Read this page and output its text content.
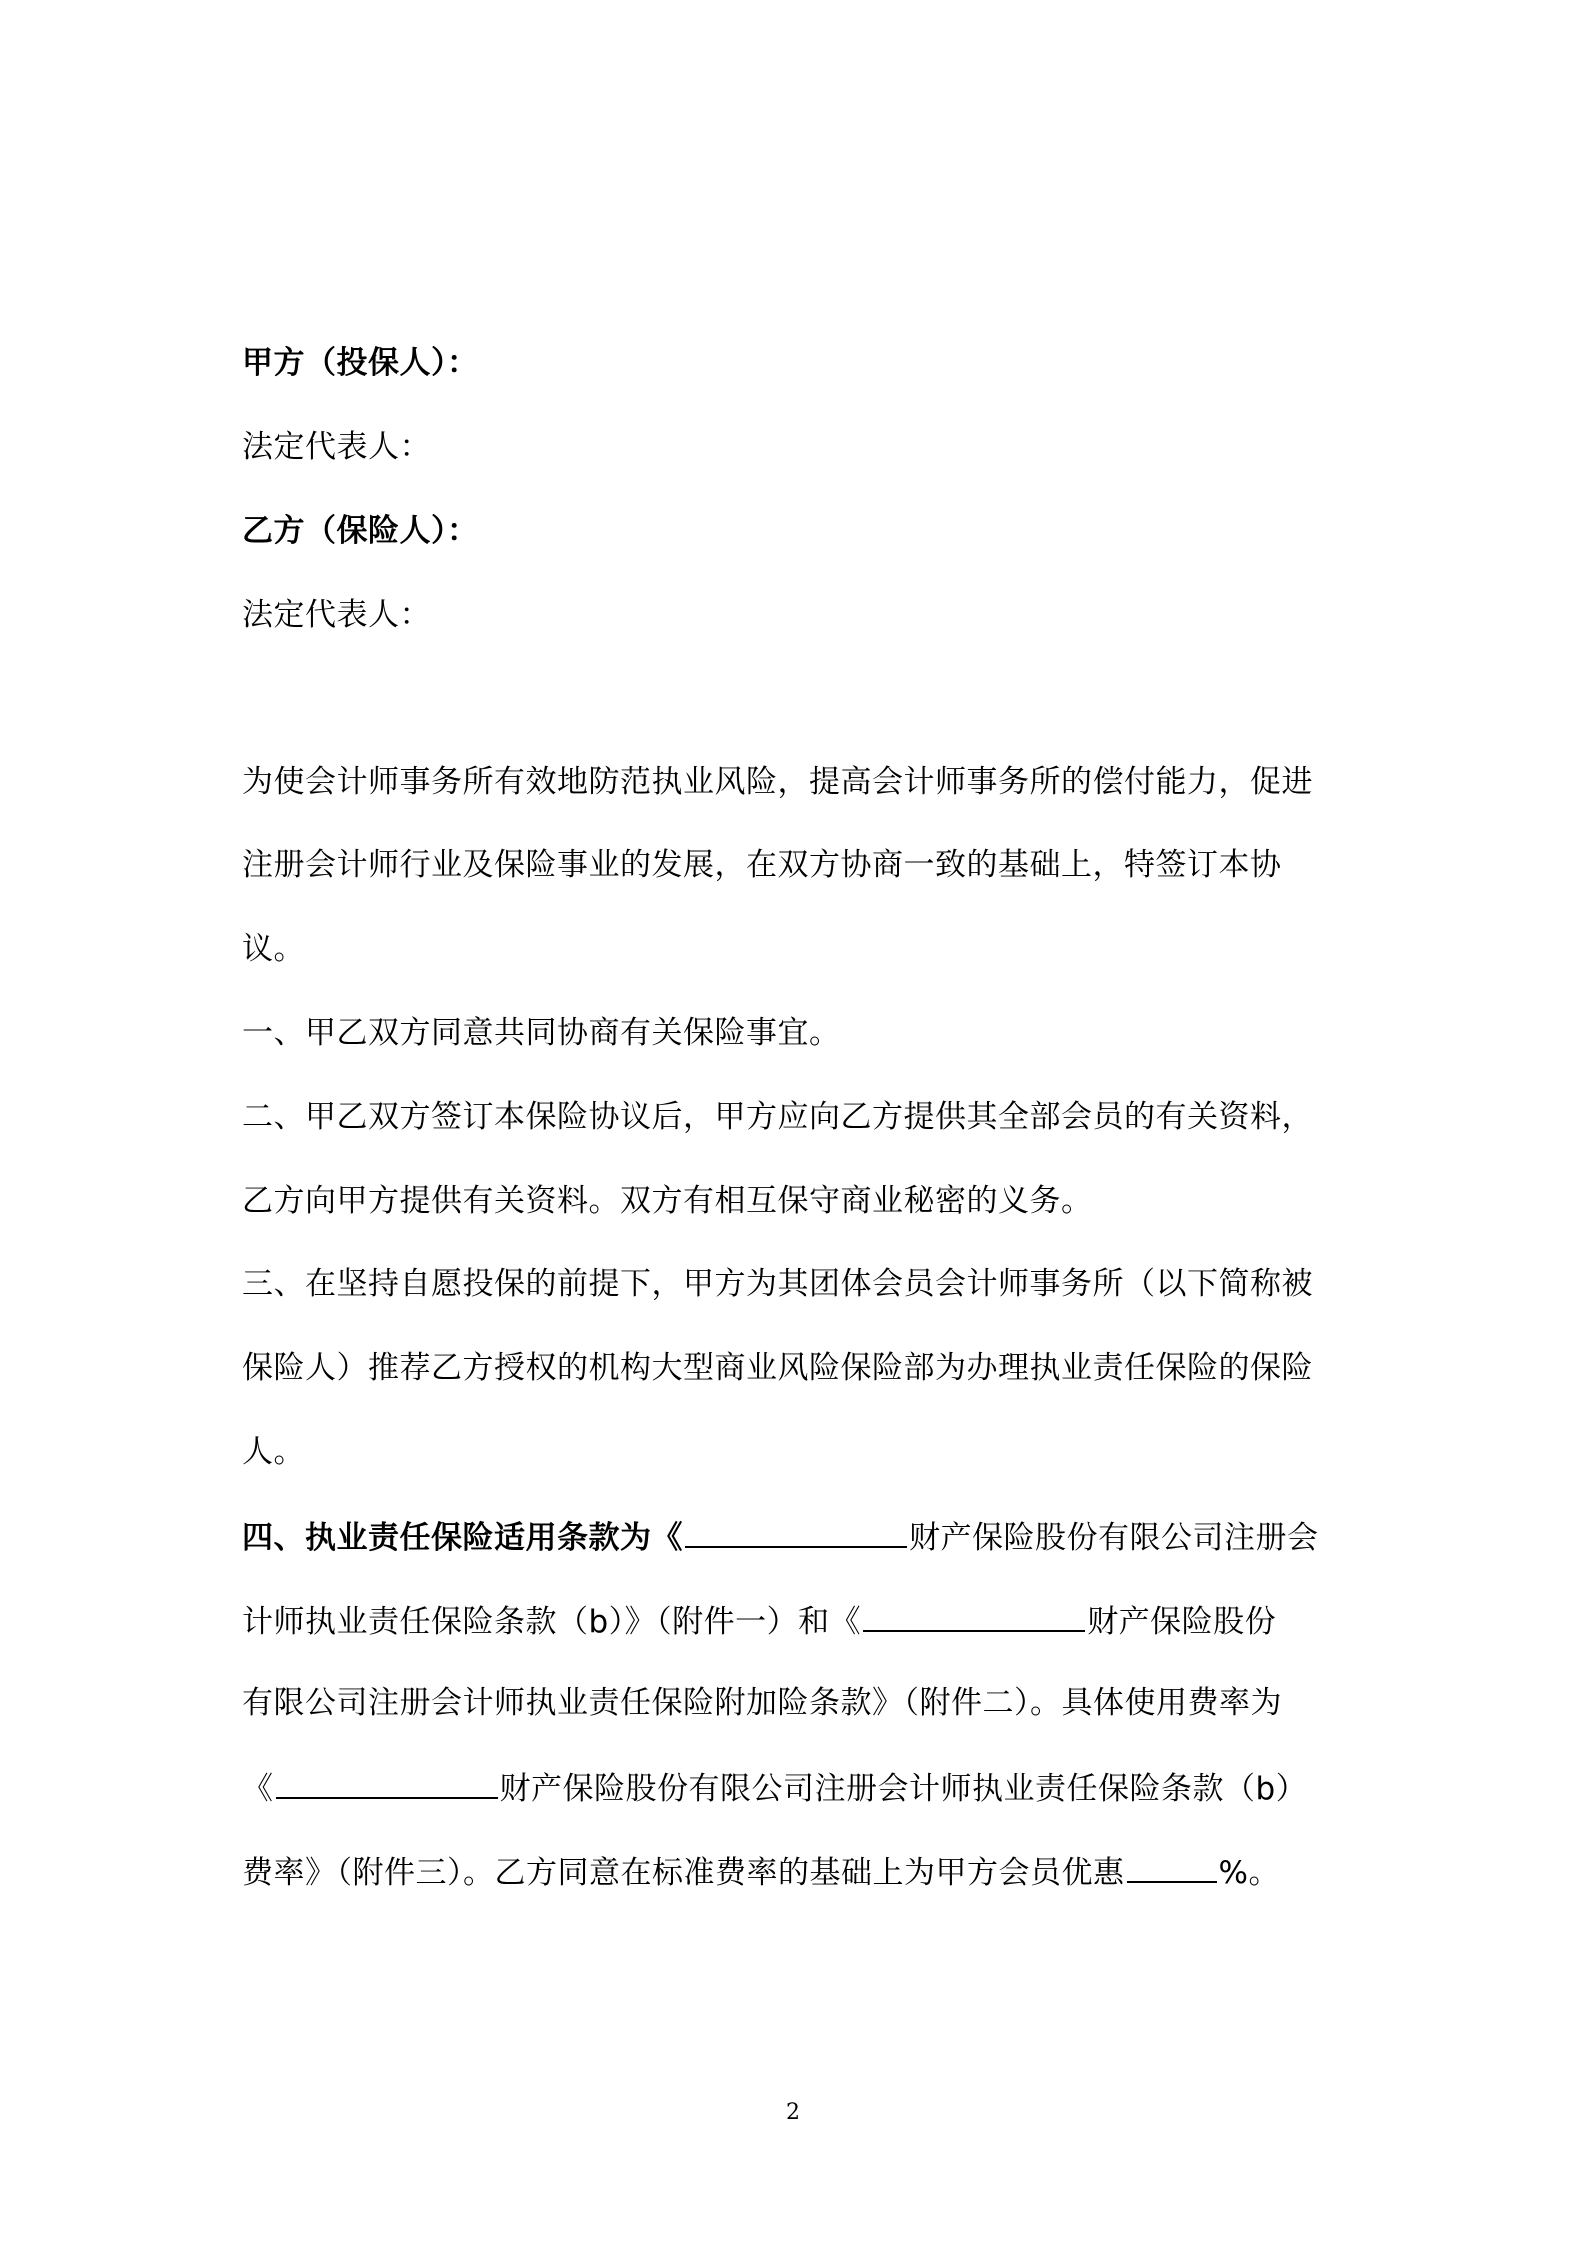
甲方（投保人）：
法定代表人：
乙方（保险人）：
法定代表人：
为使会计师事务所有效地防范执业风险，提高会计师事务所的偿付能力，促进
注册会计师行业及保险事业的发展，在双方协商一致的基础上，特签订本协
议。
一、甲乙双方同意共同协商有关保险事宜。
二、甲乙双方签订本保险协议后，甲方应向乙方提供其全部会员的有关资料，
乙方向甲方提供有关资料。双方有相互保守商业秘密的义务。
三、在坚持自愿投保的前提下，甲方为其团体会员会计师事务所（以下简称被
保险人）推荐乙方授权的机构大型商业风险保险部为办理执业责任保险的保险
人。
四、执业责任保险适用条款为《	财产保险股份有限公司注册会
计师执业责任保险条款（b）》（附件一）和《	财产保险股份
有限公司注册会计师执业责任保险附加险条款》（附件二）。具体使用费率为
《	财产保险股份有限公司注册会计师执业责任保险条款（b）
费率》（附件三）。乙方同意在标准费率的基础上为甲方会员优惠	%。
2
